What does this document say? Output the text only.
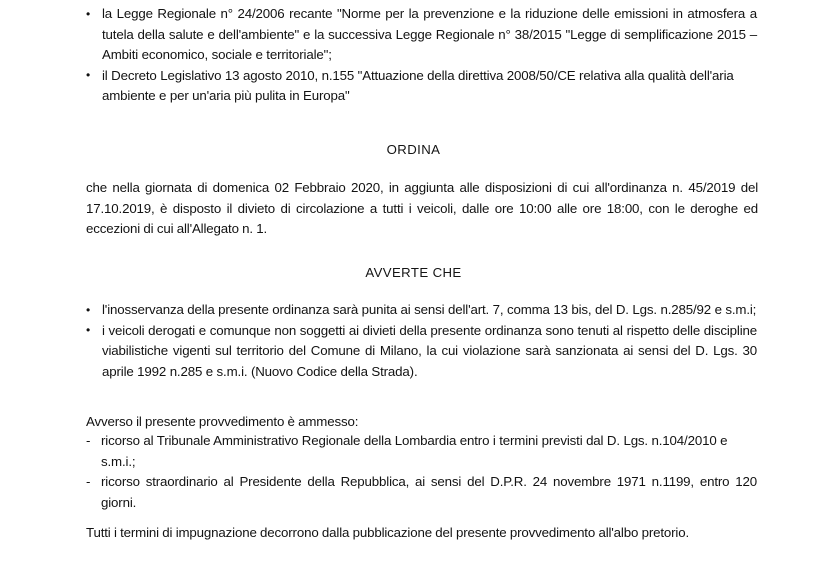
• la Legge Regionale n° 24/2006 recante "Norme per la prevenzione e la riduzione delle emissioni in atmosfera a tutela della salute e dell'ambiente" e la successiva Legge Regionale n° 38/2015 "Legge di semplificazione 2015 – Ambiti economico, sociale e territoriale";
• il Decreto Legislativo 13 agosto 2010, n.155 "Attuazione della direttiva 2008/50/CE relativa alla qualità dell'aria ambiente e per un'aria più pulita in Europa"
ORDINA
che nella giornata di domenica 02 Febbraio 2020, in aggiunta alle disposizioni di cui all'ordinanza n. 45/2019 del 17.10.2019, è disposto il divieto di circolazione a tutti i veicoli, dalle ore 10:00 alle ore 18:00, con le deroghe ed eccezioni di cui all'Allegato n. 1.
AVVERTE CHE
• l'inosservanza della presente ordinanza sarà punita ai sensi dell'art. 7, comma 13 bis, del D. Lgs. n.285/92 e s.m.i;
• i veicoli derogati e comunque non soggetti ai divieti della presente ordinanza sono tenuti al rispetto delle discipline viabilistiche vigenti sul territorio del Comune di Milano, la cui violazione sarà sanzionata ai sensi del D. Lgs. 30 aprile 1992 n.285 e s.m.i. (Nuovo Codice della Strada).
Avverso il presente provvedimento è ammesso:
- ricorso al Tribunale Amministrativo Regionale della Lombardia entro i termini previsti dal D. Lgs. n.104/2010 e s.m.i.;
- ricorso straordinario al Presidente della Repubblica, ai sensi del D.P.R. 24 novembre 1971 n.1199, entro 120 giorni.
Tutti i termini di impugnazione decorrono dalla pubblicazione del presente provvedimento all'albo pretorio.
